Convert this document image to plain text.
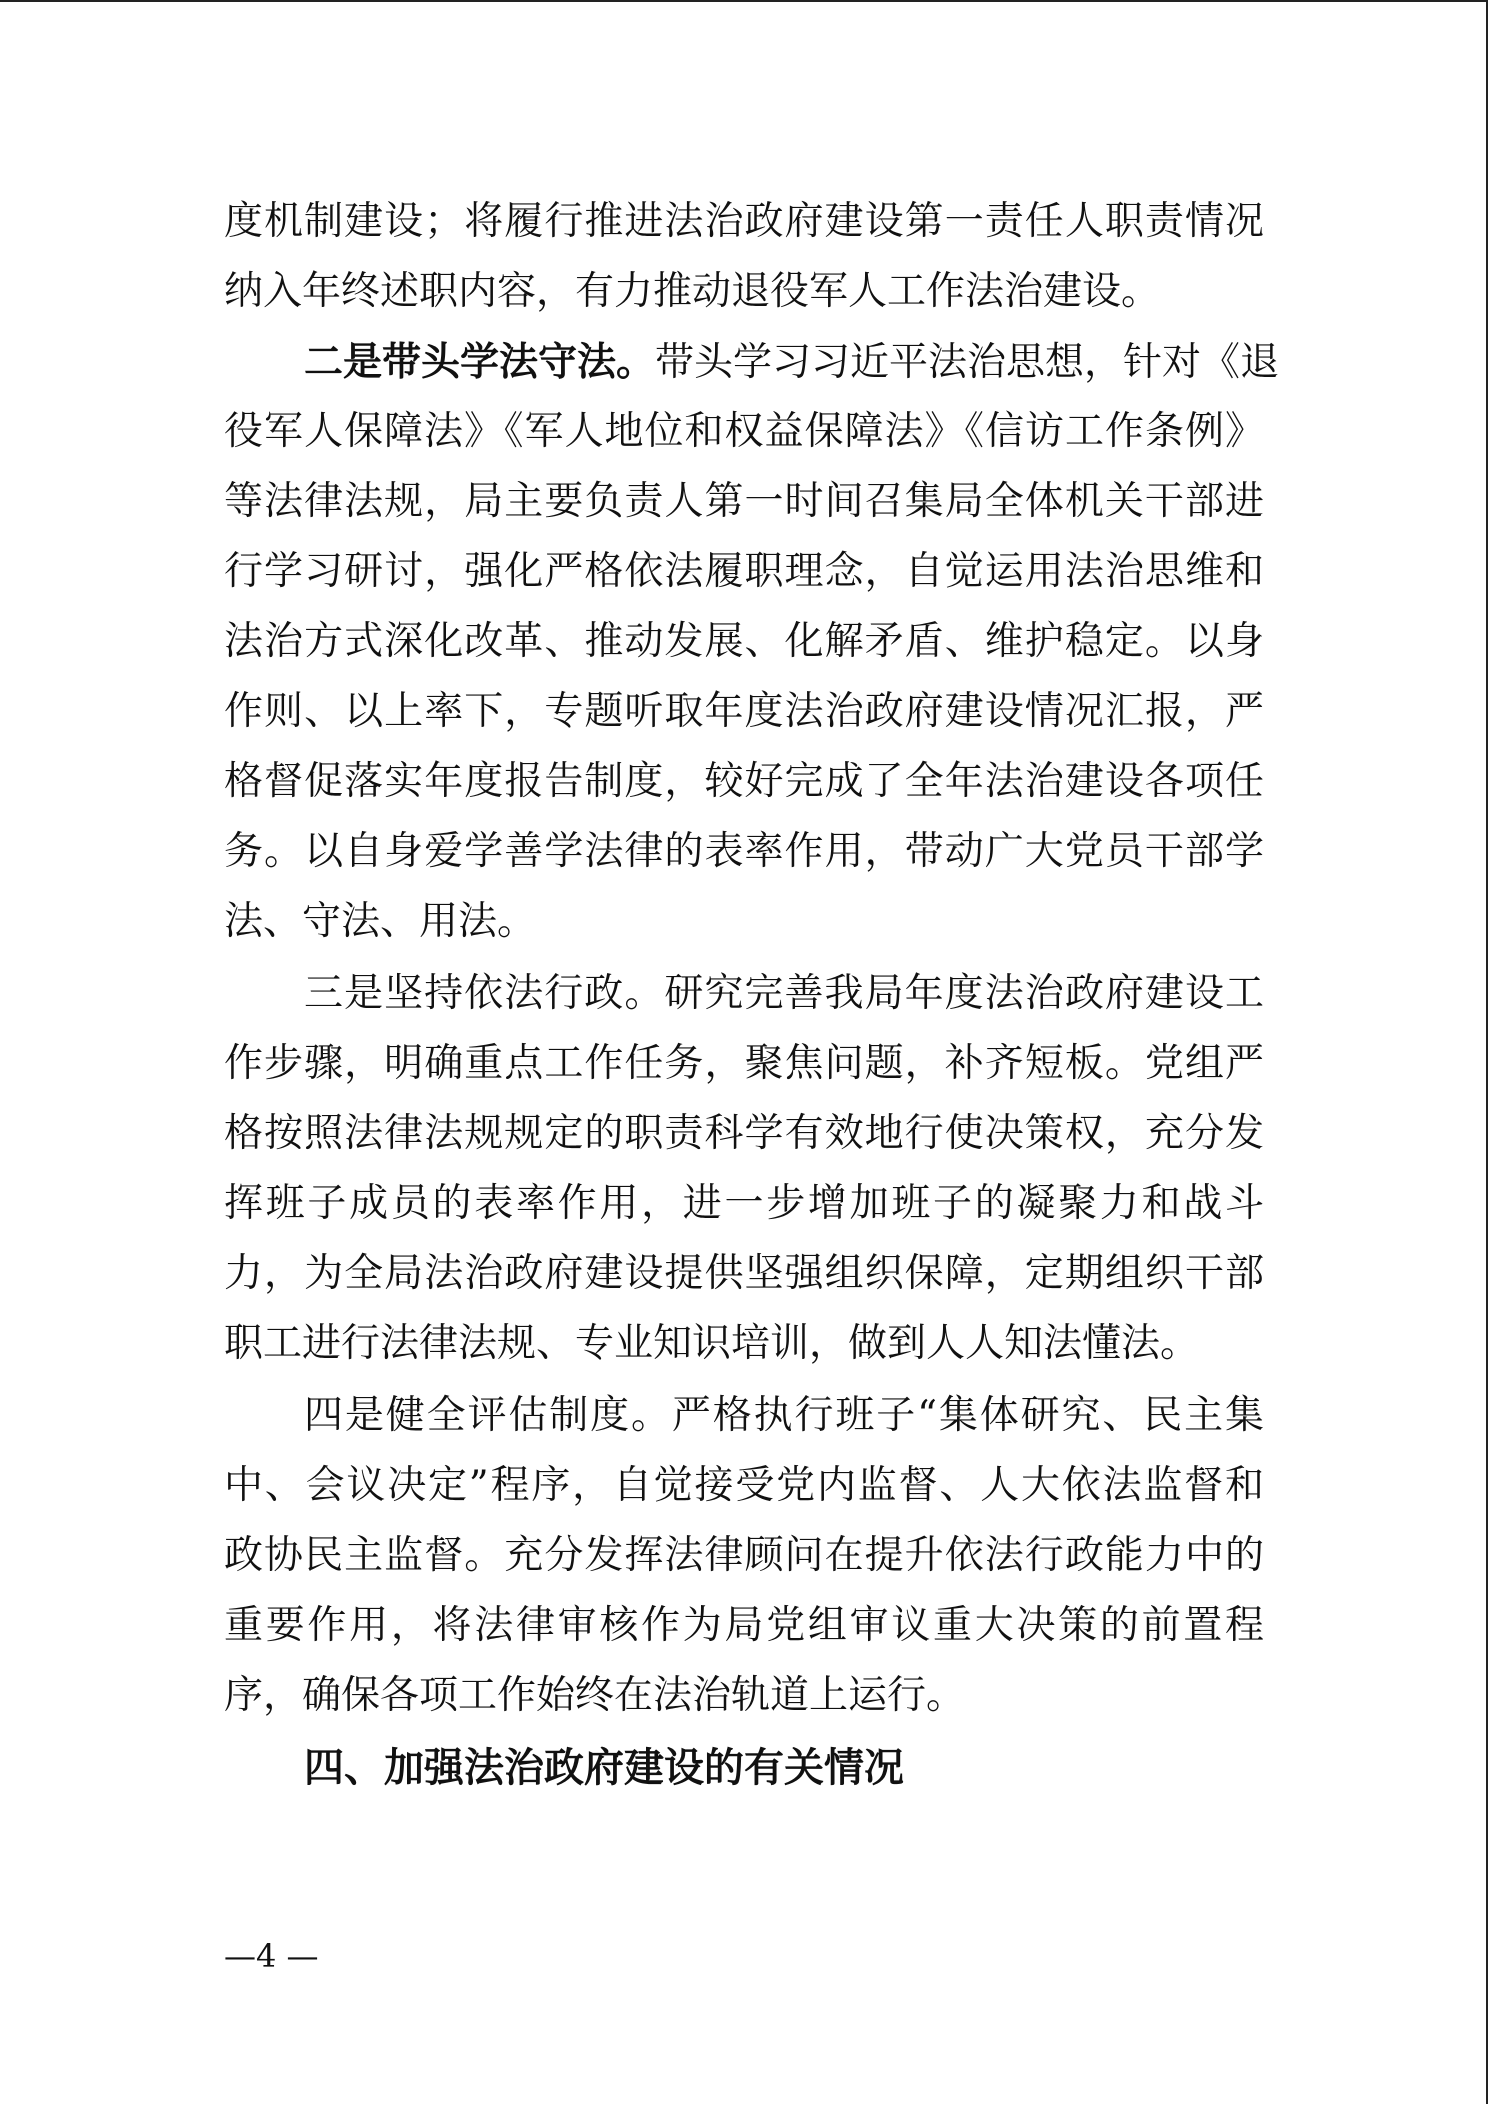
度机制建设；将履行推进法治政府建设第一责任人职责情况
纳入年终述职内容，有力推动退役军人工作法治建设。
二是带头学法守法。带头学习习近平法治思想，针对《退
役军人保障法》《军人地位和权益保障法》《信访工作条例》
等法律法规，局主要负责人第一时间召集局全体机关干部进
行学习研讨，强化严格依法履职理念，自觉运用法治思维和
法治方式深化改革、推动发展、化解矛盾、维护稳定。以身
作则、以上率下，专题听取年度法治政府建设情况汇报，严
格督促落实年度报告制度，较好完成了全年法治建设各项任
务。以自身爱学善学法律的表率作用，带动广大党员干部学
法、守法、用法。
三是坚持依法行政。研究完善我局年度法治政府建设工
作步骤，明确重点工作任务，聚焦问题，补齐短板。党组严
格按照法律法规规定的职责科学有效地行使决策权，充分发
挥班子成员的表率作用，进一步增加班子的凝聚力和战斗
力，为全局法治政府建设提供坚强组织保障，定期组织干部
职工进行法律法规、专业知识培训，做到人人知法懂法。
四是健全评估制度。严格执行班子“集体研究、民主集
中、会议决定”程序，自觉接受党内监督、人大依法监督和
政协民主监督。充分发挥法律顾问在提升依法行政能力中的
重要作用，将法律审核作为局党组审议重大决策的前置程
序，确保各项工作始终在法治轨道上运行。
四、加强法治政府建设的有关情况
—4 —
